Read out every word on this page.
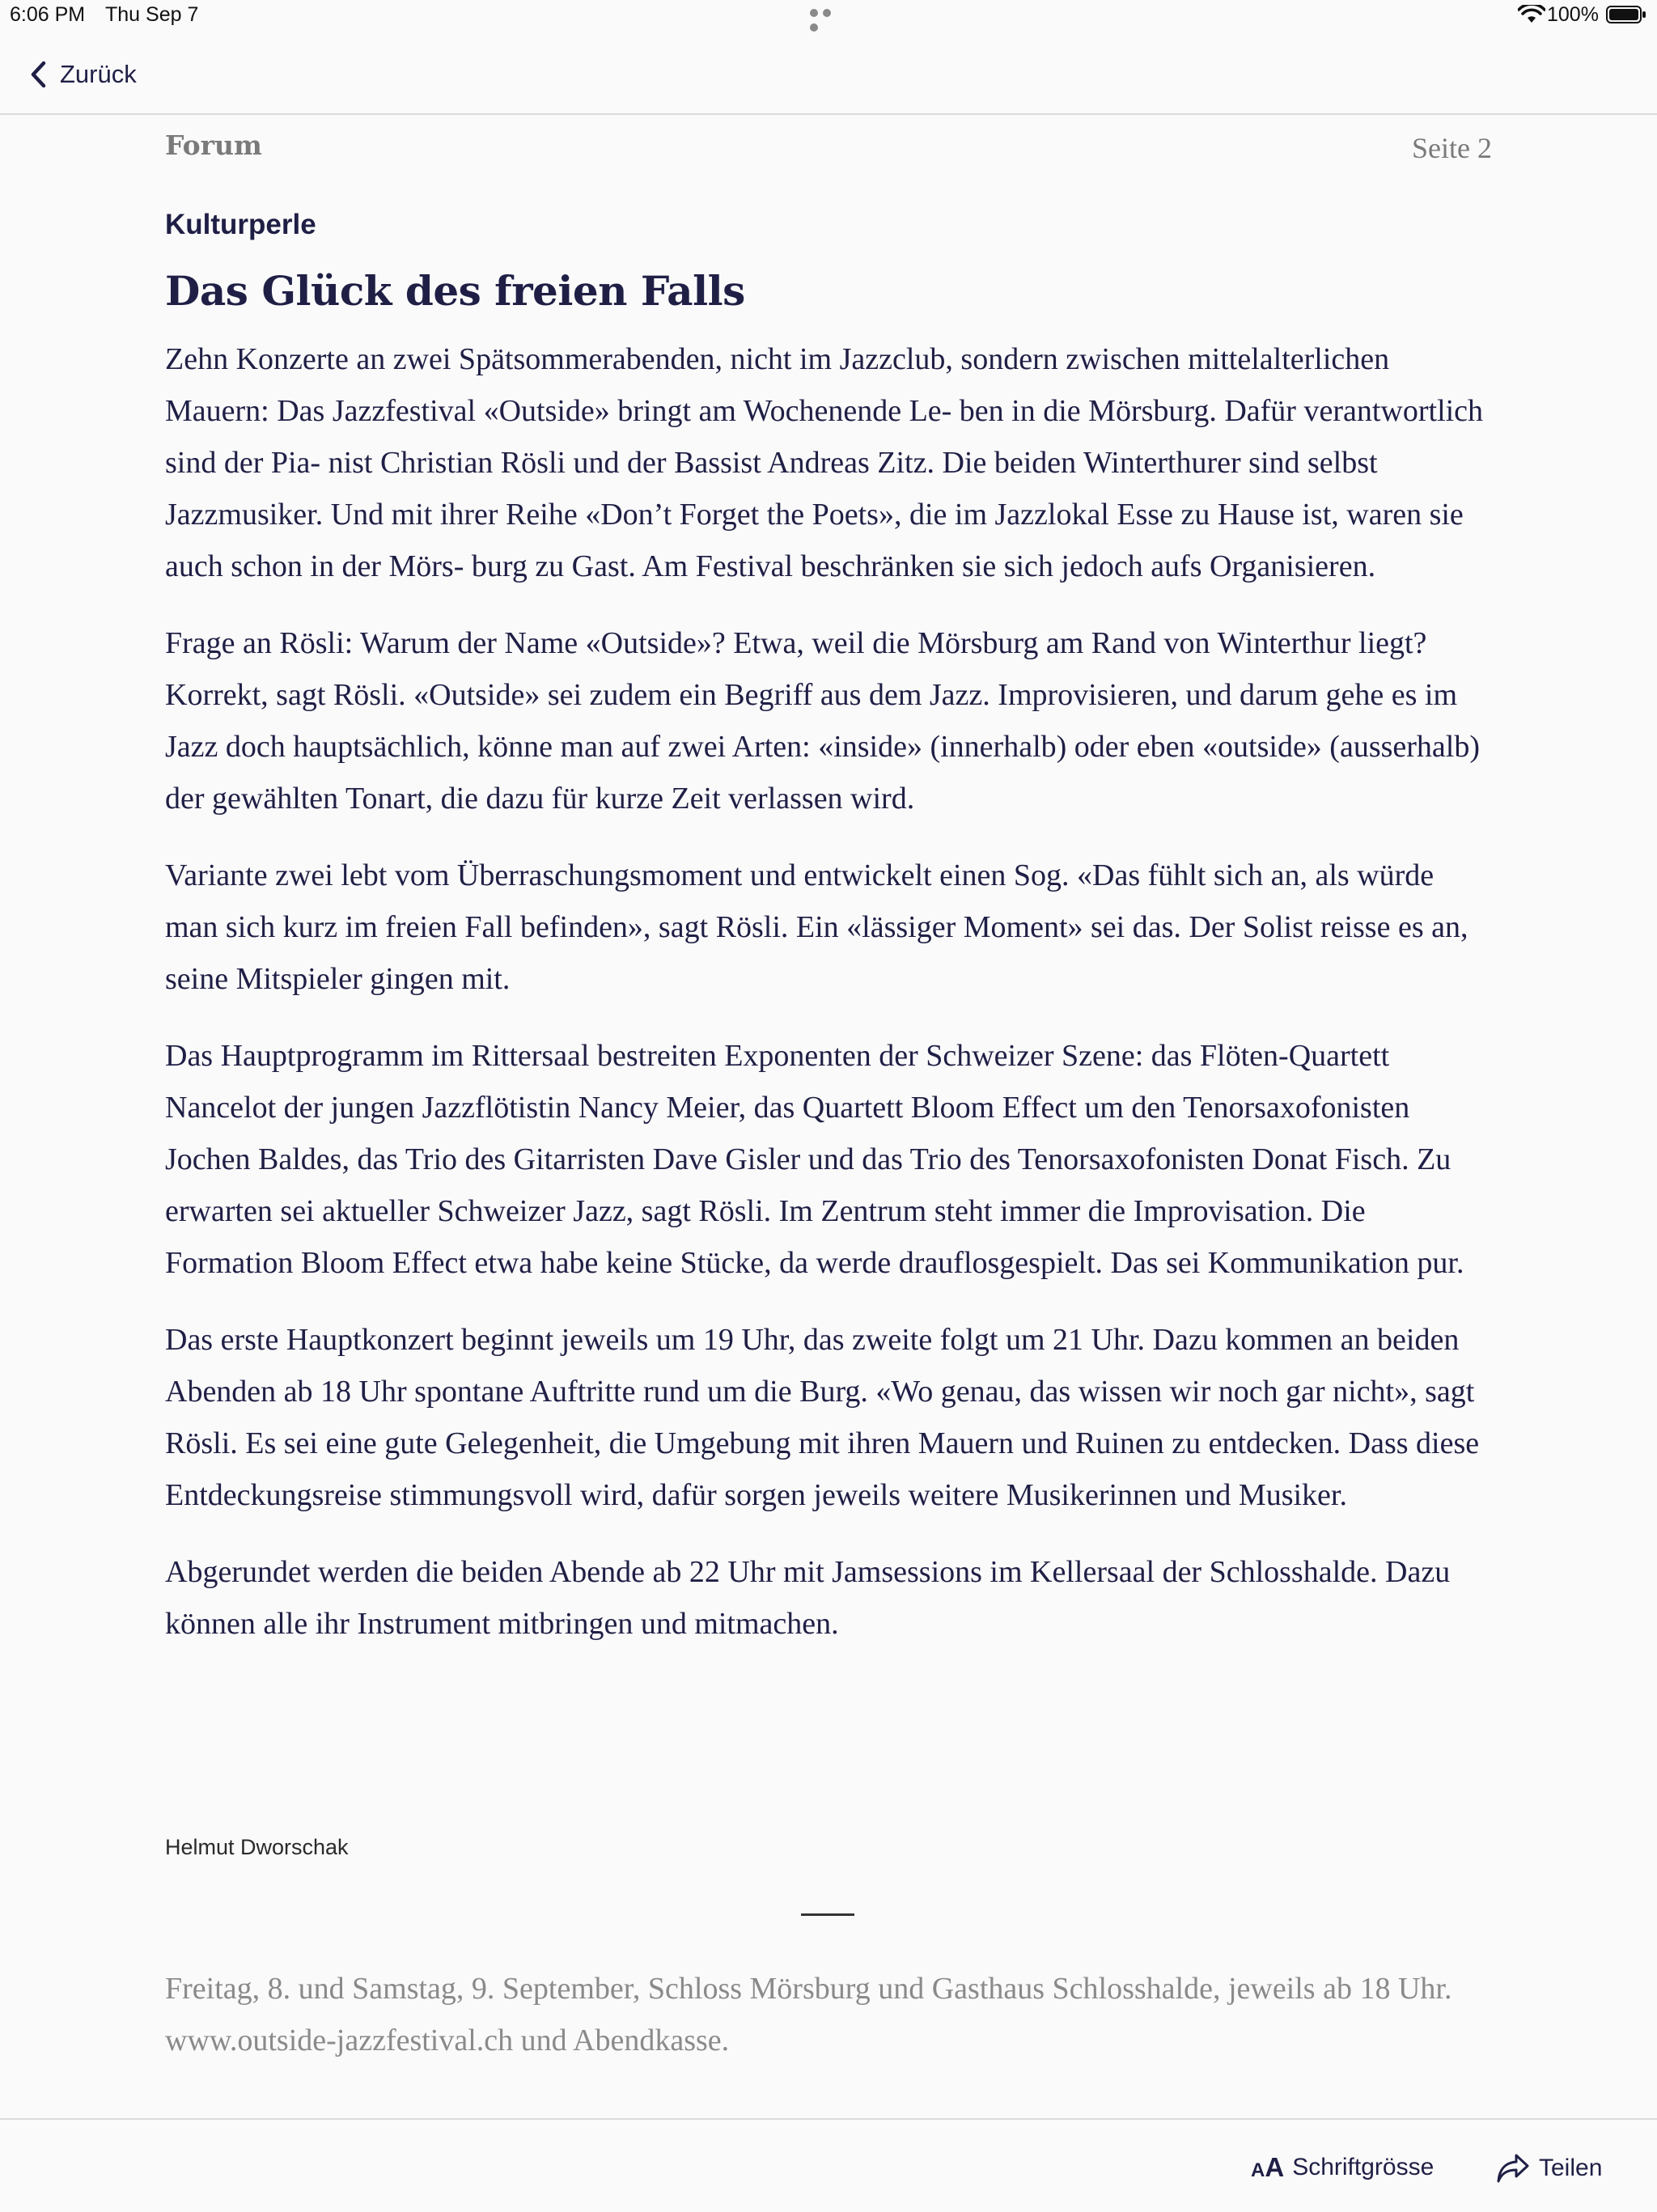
6:06 PM Thu Sep 7	100%
Zurück
Forum	Seite 2
Kulturperle
Das Glück des freien Falls

Zehn Konzerte an zwei Spätsommerabenden, nicht im Jazzclub, sondern zwischen mittelalterlichen Mauern: Das Jazzfestival «Outside» bringt am Wochenende Le- ben in die Mörsburg. Dafür verantwortlich sind der Pia- nist Christian Rösli und der Bassist Andreas Zitz. Die beiden Winterthurer sind selbst Jazzmusiker. Und mit ihrer Reihe «Don’t Forget the Poets», die im Jazzlokal Esse zu Hause ist, waren sie auch schon in der Mörs- burg zu Gast. Am Festival beschränken sie sich jedoch aufs Organisieren.

Frage an Rösli: Warum der Name «Outside»? Etwa, weil die Mörsburg am Rand von Winterthur liegt? Korrekt, sagt Rösli. «Outside» sei zudem ein Begriff aus dem Jazz. Improvisieren, und darum gehe es im Jazz doch hauptsächlich, könne man auf zwei Arten: «inside» (innerhalb) oder eben «outside» (ausserhalb) der gewählten Tonart, die dazu für kurze Zeit verlassen wird.

Variante zwei lebt vom Überraschungsmoment und entwickelt einen Sog. «Das fühlt sich an, als würde man sich kurz im freien Fall befinden», sagt Rösli. Ein «lässiger Moment» sei das. Der Solist reisse es an, seine Mitspieler gingen mit.

Das Hauptprogramm im Rittersaal bestreiten Exponenten der Schweizer Szene: das Flöten-Quartett Nancelot der jungen Jazzflötistin Nancy Meier, das Quartett Bloom Effect um den Tenorsaxofonisten Jochen Baldes, das Trio des Gitarristen Dave Gisler und das Trio des Tenorsaxofonisten Donat Fisch. Zu erwarten sei aktueller Schweizer Jazz, sagt Rösli. Im Zentrum steht immer die Improvisation. Die Formation Bloom Effect etwa habe keine Stücke, da werde drauflosgespielt. Das sei Kommunikation pur.

Das erste Hauptkonzert beginnt jeweils um 19 Uhr, das zweite folgt um 21 Uhr. Dazu kommen an beiden Abenden ab 18 Uhr spontane Auftritte rund um die Burg. «Wo genau, das wissen wir noch gar nicht», sagt Rösli. Es sei eine gute Gelegenheit, die Umgebung mit ihren Mauern und Ruinen zu entdecken. Dass diese Entdeckungsreise stimmungsvoll wird, dafür sorgen jeweils weitere Musikerinnen und Musiker.

Abgerundet werden die beiden Abende ab 22 Uhr mit Jamsessions im Kellersaal der Schlosshalde. Dazu können alle ihr Instrument mitbringen und mitmachen.

Helmut Dworschak

Freitag, 8. und Samstag, 9. September, Schloss Mörsburg und Gasthaus Schlosshalde, jeweils ab 18 Uhr. www.outside-jazzfestival.ch und Abendkasse.

AA Schriftgrösse	Teilen
